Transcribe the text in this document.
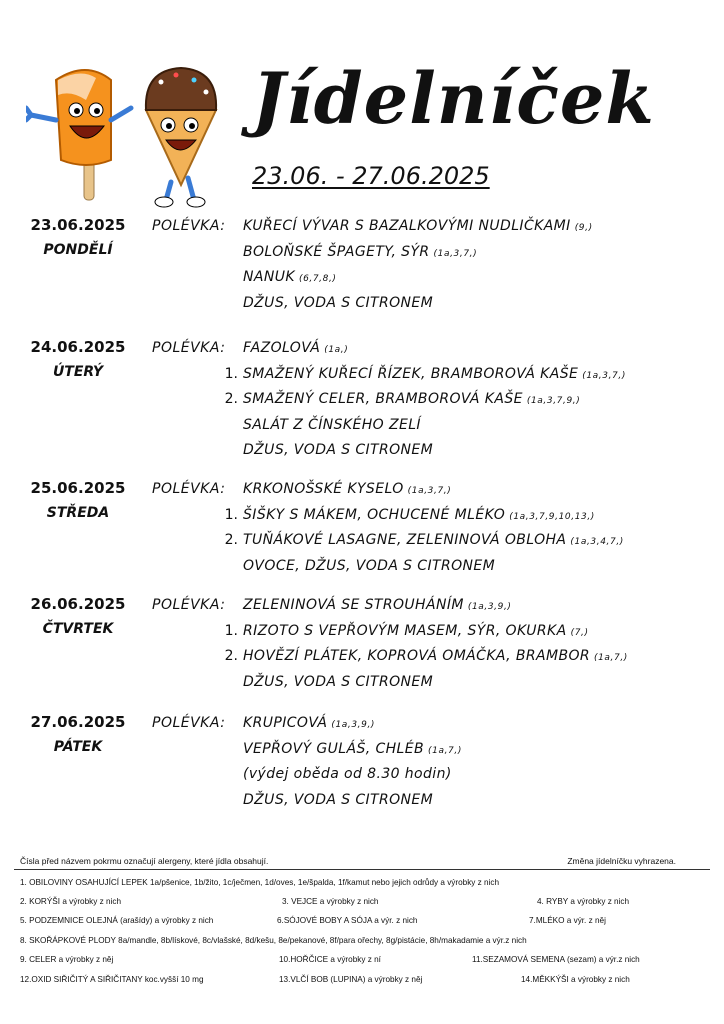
Jídelníček
23.06. - 27.06.2025
23.06.2025
PONDĚLÍ
POLÉVKA: KUŘECÍ VÝVAR S BAZALKOVÝMI NUDLIČKAMI (9,)
BOLOŇSKÉ ŠPAGETY, SÝR (1a,3,7,)
NANUK (6,7,8,)
DŽUS, VODA S CITRONEM
24.06.2025
ÚTERÝ
POLÉVKA: FAZOLOVÁ (1a,)
1. SMAŽENÝ KUŘECÍ ŘÍZEK, BRAMBOROVÁ KAŠE (1a,3,7,)
2. SMAŽENÝ CELER, BRAMBOROVÁ KAŠE (1a,3,7,9,)
SALÁT Z ČÍNSKÉHO ZELÍ
DŽUS, VODA S CITRONEM
25.06.2025
STŘEDA
POLÉVKA: KRKONOŠSKÉ KYSELO (1a,3,7,)
1. ŠIŠKY S MÁKEM, OCHUCENÉ MLÉKO (1a,3,7,9,10,13,)
2. TUŇÁKOVÉ LASAGNE, ZELENINOVÁ OBLOHA (1a,3,4,7,)
OVOCE, DŽUS, VODA S CITRONEM
26.06.2025
ČTVRTEK
POLÉVKA: ZELENINOVÁ SE STROUHÁNÍM (1a,3,9,)
1. RIZOTO S VEPŘOVÝM MASEM, SÝR, OKURKA (7,)
2. HOVĚZÍ PLÁTEK, KOPROVÁ OMÁČKA, BRAMBOR (1a,7,)
DŽUS, VODA S CITRONEM
27.06.2025
PÁTEK
POLÉVKA: KRUPICOVÁ (1a,3,9,)
VEPŘOVÝ GULÁŠ, CHLÉB (1a,7,)
(výdej oběda od 8.30 hodin)
DŽUS, VODA S CITRONEM
Čísla před názvem pokrmu označují alergeny, které jídla obsahují.	Změna jídelníčku vyhrazena.
1. OBILOVINY OSAHUJÍCÍ LEPEK 1a/pšenice, 1b/žito, 1c/ječmen, 1d/oves, 1e/špalda, 1f/kamut nebo jejich odrůdy a výrobky z nich
2. KORÝŠI a výrobky z nich	3. VEJCE a výrobky z nich	4. RYBY a výrobky z nich
5. PODZEMNICE OLEJNÁ (arašídy) a výrobky z nich	6.SÓJOVÉ BOBY A SÓJA a výr. z nich	7.MLÉKO a výr. z něj
8. SKOŘÁPKOVÉ PLODY 8a/mandle, 8b/lískové, 8c/vlašské, 8d/kešu, 8e/pekanové, 8f/para ořechy, 8g/pistácie, 8h/makadamie a výr.z nich
9. CELER a výrobky z něj	10.HOŘČICE a výrobky z ní	11.SEZAMOVÁ SEMENA (sezam) a výr.z nich
12.OXID SIŘIČITÝ A SIŘIČITANY koc.vyšší 10 mg	13.VLČÍ BOB (LUPINA) a výrobky z něj	14.MĚKKÝŠI a výrobky z nich
